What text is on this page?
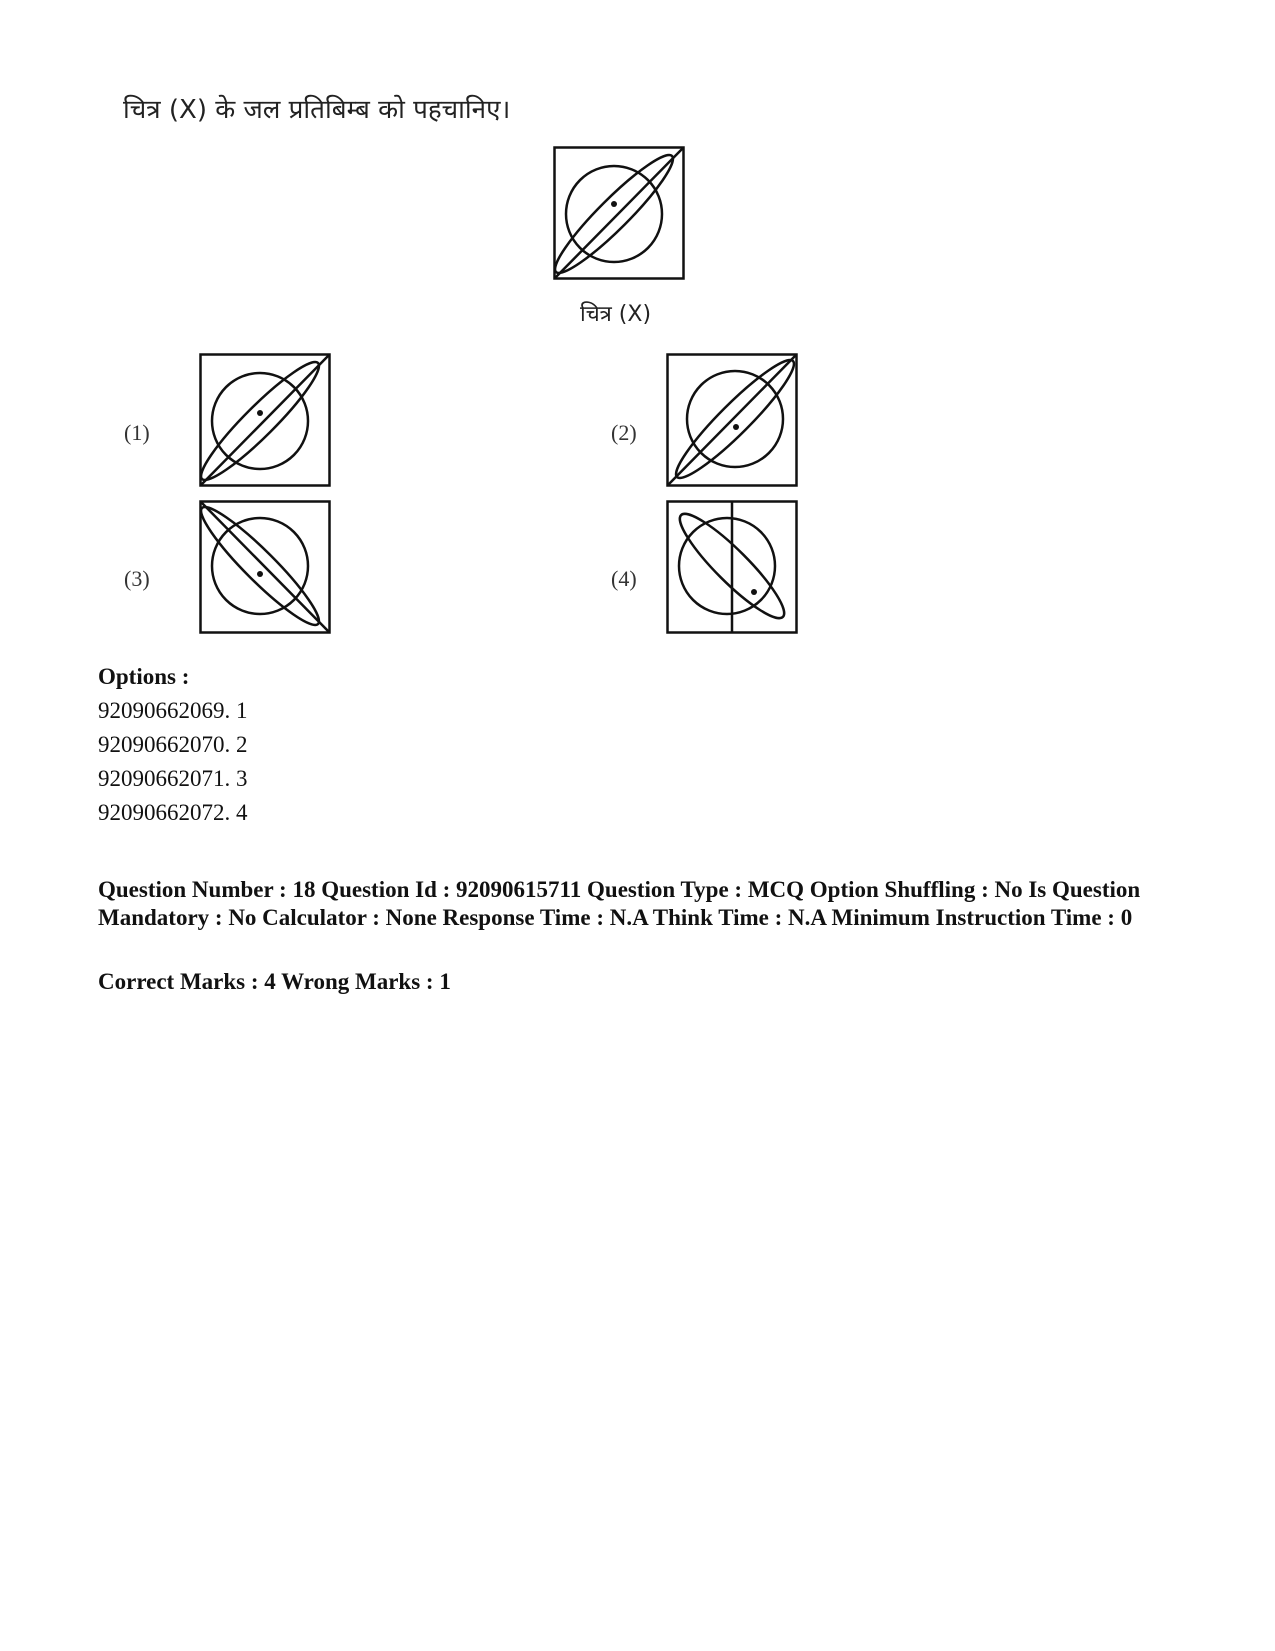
चित्र (X) के जल प्रतिबिम्ब को पहचानिए।
चित्र (X)
(1)	(2)
(3)	(4)
Options :
92090662069. 1
92090662070. 2
92090662071. 3
92090662072. 4
Question Number : 18 Question Id : 92090615711 Question Type : MCQ Option Shuffling : No Is Question Mandatory : No Calculator : None Response Time : N.A Think Time : N.A Minimum Instruction Time : 0
Correct Marks : 4 Wrong Marks : 1
